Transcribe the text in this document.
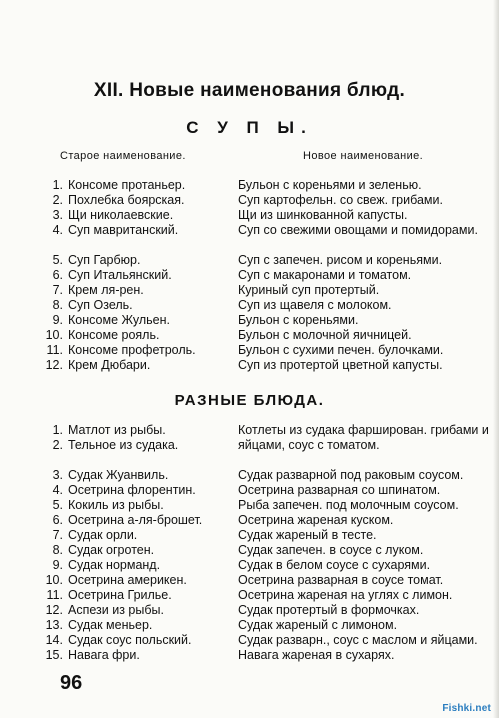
XII. Новые наименования блюд.
С У П Ы.
Старое наименование.	Новое наименование.
1. Консоме протаньер.	Бульон с кореньями и зеленью.
2. Похлебка боярская.	Суп картофельн. со свеж. грибами.
3. Щи николаевские.	Щи из шинкованной капусты.
4. Суп мавританский.	Суп со свежими овощами и помидорами.
5. Суп Гарбюр.	Суп с запечен. рисом и кореньями.
6. Суп Итальянский.	Суп с макаронами и томатом.
7. Крем ля-рен.	Куриный суп протертый.
8. Суп Озель.	Суп из щавеля с молоком.
9. Консоме Жульен.	Бульон с кореньями.
10. Консоме рояль.	Бульон с молочной яичницей.
11. Консоме профетроль.	Бульон с сухими печен. булочками.
12. Крем Дюбари.	Суп из протертой цветной капусты.
РАЗНЫЕ БЛЮДА.
1. Матлот из рыбы.	Котлеты из судака фарширован. грибами и яйцами, соус с томатом.
2. Тельное из судака.
3. Судак Жуанвиль.	Судак разварной под раковым соусом.
4. Осетрина флорентин.	Осетрина разварная со шпинатом.
5. Кокиль из рыбы.	Рыба запечен. под молочным соусом.
6. Осетрина а-ля-брошет.	Осетрина жареная куском.
7. Судак орли.	Судак жареный в тесте.
8. Судак огротен.	Судак запечен. в соусе с луком.
9. Судак норманд.	Судак в белом соусе с сухарями.
10. Осетрина америкен.	Осетрина разварная в соусе томат.
11. Осетрина Грилье.	Осетрина жареная на углях с лимон.
12. Аспези из рыбы.	Судак протертый в формочках.
13. Судак меньер.	Судак жареный с лимоном.
14. Судак соус польский.	Судак разварн., соус с маслом и яйцами.
15. Навага фри.	Навага жареная в сухарях.
96
Fishki.net
